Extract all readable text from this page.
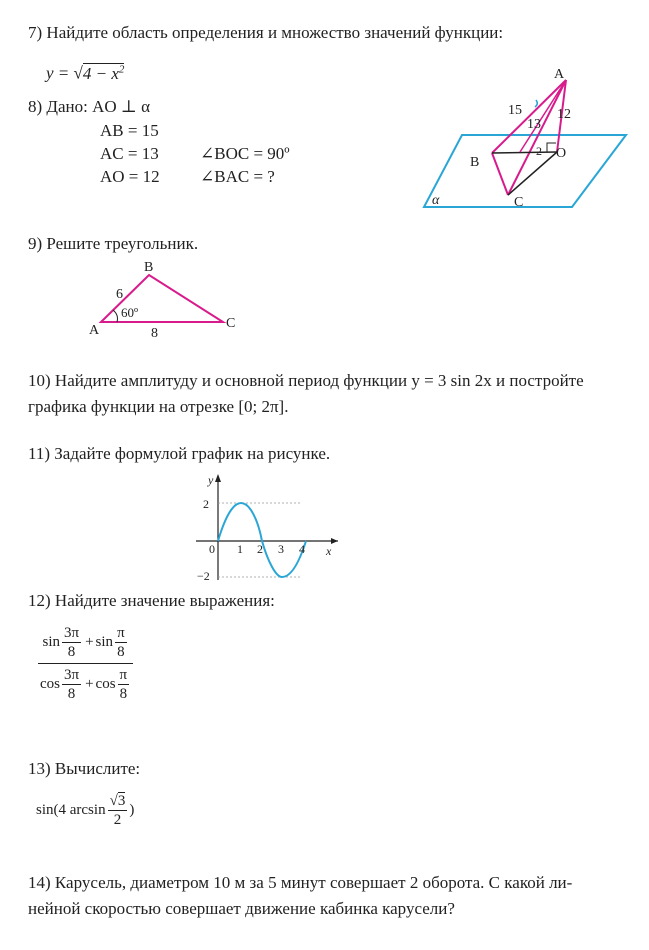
7) Найдите область определения и множество значений функции:
$y = √4 - x^2$
8) Дано: AO ⊥ α
AB = 15
AC = 13
AO = 12
∠BOC = 90º
∠BAC = ?
A
B
C
O
α
15
13
12
2
9) Решите треугольник.
A
B
C
6
8
60º
10) Найдите амплитуду и основной период функции y = 3 sin 2x и постройте
графика функции на отрезке [0; 2π].
11) Задайте формулой график на рисунке.
y
x
2
−2
0 1 2 3 4
12) Найдите значение выражения:
$\frac{\sin \frac{3\pi}{8} + \sin \frac{\pi}{8}}{\cos \frac{3\pi}{8} + \cos \frac{\pi}{8}}$
13) Вычислите:
sin(4 $\arcsin \frac{√3}{2}$ )
14) Карусель, диаметром 10 м за 5 минут совершает 2 оборота. С какой ли-
нейной скоростью совершает движение кабинка карусели?
